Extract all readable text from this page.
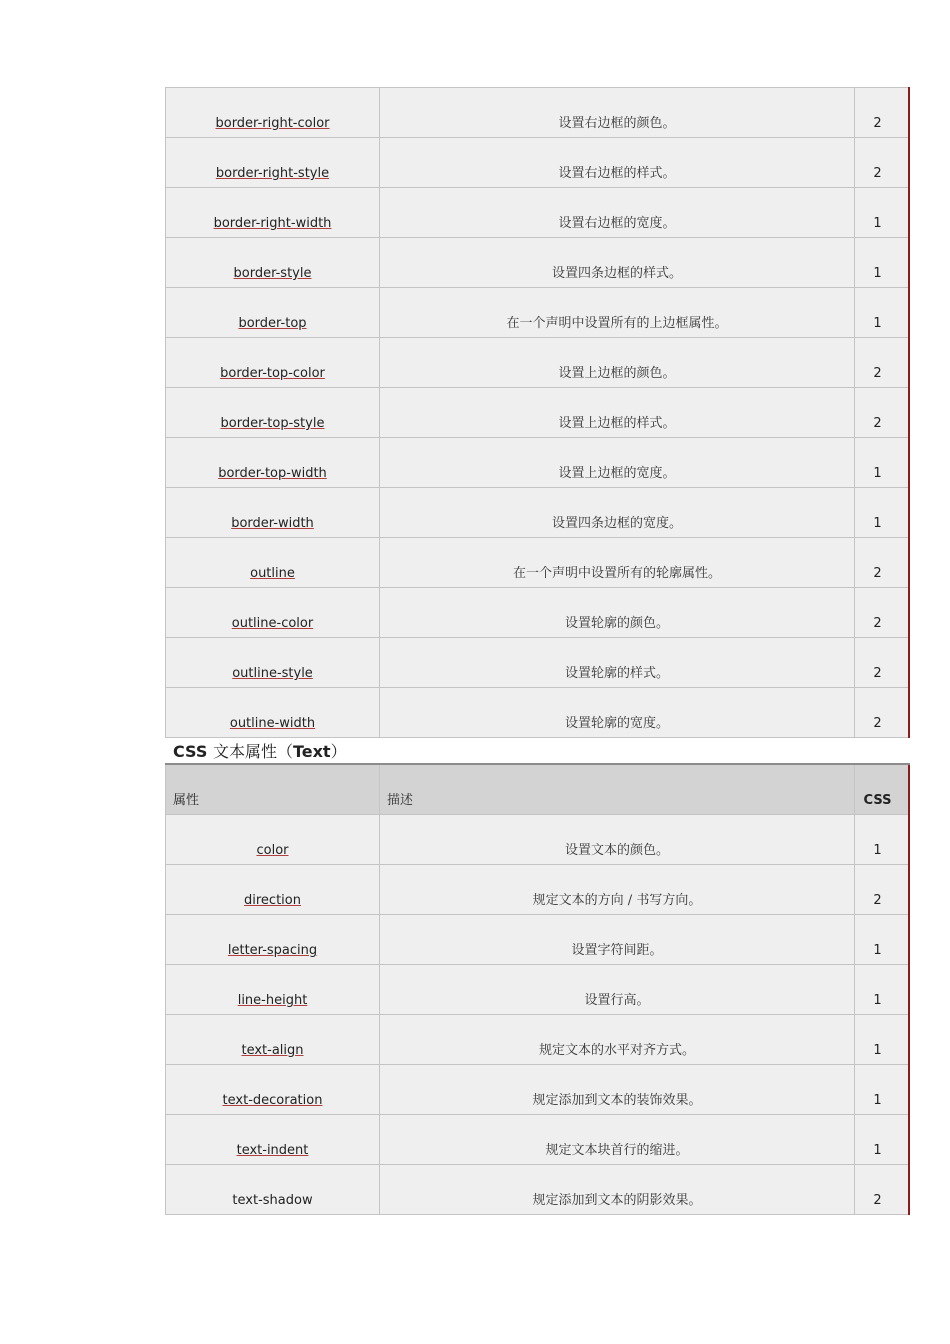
border-right-color	设置右边框的颜色。	2

border-right-style	设置右边框的样式。	2

border-right-width	设置右边框的宽度。	1

border-style	设置四条边框的样式。	1

border-top	在一个声明中设置所有的上边框属性。	1

border-top-color	设置上边框的颜色。	2

border-top-style	设置上边框的样式。	2

border-top-width	设置上边框的宽度。	1

border-width	设置四条边框的宽度。	1

outline	在一个声明中设置所有的轮廓属性。	2

outline-color	设置轮廓的颜色。	2

outline-style	设置轮廓的样式。	2

outline-width	设置轮廓的宽度。	2
CSS 文本属性（Text）
属性	描述	CSS

color	设置文本的颜色。	1

direction	规定文本的方向 / 书写方向。	2

letter-spacing	设置字符间距。	1

line-height	设置行高。	1

text-align	规定文本的水平对齐方式。	1

text-decoration	规定添加到文本的装饰效果。	1

text-indent	规定文本块首行的缩进。	1

text-shadow	规定添加到文本的阴影效果。	2
